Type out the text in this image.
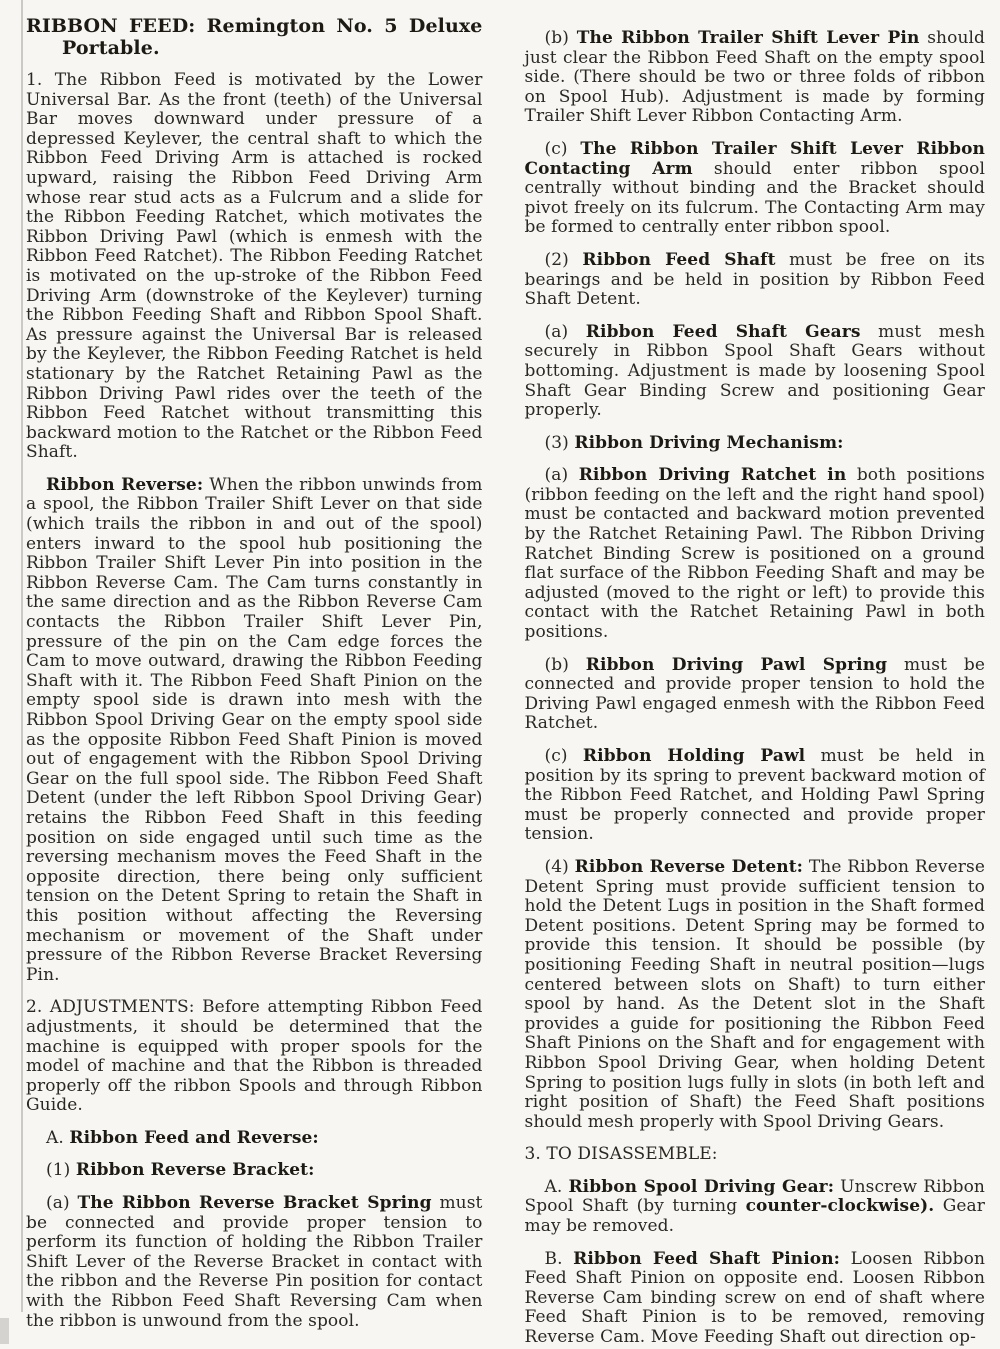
RIBBON FEED: Remington No. 5 Deluxe Portable.

1. The Ribbon Feed is motivated by the Lower Universal Bar. As the front (teeth) of the Universal Bar moves downward under pressure of a depressed Keylever, the central shaft to which the Ribbon Feed Driving Arm is attached is rocked upward, raising the Ribbon Feed Driving Arm whose rear stud acts as a Fulcrum and a slide for the Ribbon Feeding Ratchet, which motivates the Ribbon Driving Pawl (which is enmesh with the Ribbon Feed Ratchet). The Ribbon Feeding Ratchet is motivated on the up-stroke of the Ribbon Feed Driving Arm (downstroke of the Keylever) turning the Ribbon Feeding Shaft and Ribbon Spool Shaft. As pressure against the Universal Bar is released by the Keylever, the Ribbon Feeding Ratchet is held stationary by the Ratchet Retaining Pawl as the Ribbon Driving Pawl rides over the teeth of the Ribbon Feed Ratchet without transmitting this backward motion to the Ratchet or the Ribbon Feed Shaft.

Ribbon Reverse: When the ribbon unwinds from a spool, the Ribbon Trailer Shift Lever on that side (which trails the ribbon in and out of the spool) enters inward to the spool hub positioning the Ribbon Trailer Shift Lever Pin into position in the Ribbon Reverse Cam. The Cam turns constantly in the same direction and as the Ribbon Reverse Cam contacts the Ribbon Trailer Shift Lever Pin, pressure of the pin on the Cam edge forces the Cam to move outward, drawing the Ribbon Feeding Shaft with it. The Ribbon Feed Shaft Pinion on the empty spool side is drawn into mesh with the Ribbon Spool Driving Gear on the empty spool side as the opposite Ribbon Feed Shaft Pinion is moved out of engagement with the Ribbon Spool Driving Gear on the full spool side. The Ribbon Feed Shaft Detent (under the left Ribbon Spool Driving Gear) retains the Ribbon Feed Shaft in this feeding position on side engaged until such time as the reversing mechanism moves the Feed Shaft in the opposite direction, there being only sufficient tension on the Detent Spring to retain the Shaft in this position without affecting the Reversing mechanism or movement of the Shaft under pressure of the Ribbon Reverse Bracket Reversing Pin.

2. ADJUSTMENTS: Before attempting Ribbon Feed adjustments, it should be determined that the machine is equipped with proper spools for the model of machine and that the Ribbon is threaded properly off the ribbon Spools and through Ribbon Guide.

A. Ribbon Feed and Reverse:

(1) Ribbon Reverse Bracket:

(a) The Ribbon Reverse Bracket Spring must be connected and provide proper tension to perform its function of holding the Ribbon Trailer Shift Lever of the Reverse Bracket in contact with the ribbon and the Reverse Pin position for contact with the Ribbon Feed Shaft Reversing Cam when the ribbon is unwound from the spool.

(b) The Ribbon Trailer Shift Lever Pin should just clear the Ribbon Feed Shaft on the empty spool side. (There should be two or three folds of ribbon on Spool Hub). Adjustment is made by forming Trailer Shift Lever Ribbon Contacting Arm.

(c) The Ribbon Trailer Shift Lever Ribbon Contacting Arm should enter ribbon spool centrally without binding and the Bracket should pivot freely on its fulcrum. The Contacting Arm may be formed to centrally enter ribbon spool.

(2) Ribbon Feed Shaft must be free on its bearings and be held in position by Ribbon Feed Shaft Detent.

(a) Ribbon Feed Shaft Gears must mesh securely in Ribbon Spool Shaft Gears without bottoming. Adjustment is made by loosening Spool Shaft Gear Binding Screw and positioning Gear properly.

(3) Ribbon Driving Mechanism:

(a) Ribbon Driving Ratchet in both positions (ribbon feeding on the left and the right hand spool) must be contacted and backward motion prevented by the Ratchet Retaining Pawl. The Ribbon Driving Ratchet Binding Screw is positioned on a ground flat surface of the Ribbon Feeding Shaft and may be adjusted (moved to the right or left) to provide this contact with the Ratchet Retaining Pawl in both positions.

(b) Ribbon Driving Pawl Spring must be connected and provide proper tension to hold the Driving Pawl engaged enmesh with the Ribbon Feed Ratchet.

(c) Ribbon Holding Pawl must be held in position by its spring to prevent backward motion of the Ribbon Feed Ratchet, and Holding Pawl Spring must be properly connected and provide proper tension.

(4) Ribbon Reverse Detent: The Ribbon Reverse Detent Spring must provide sufficient tension to hold the Detent Lugs in position in the Shaft formed Detent positions. Detent Spring may be formed to provide this tension. It should be possible (by positioning Feeding Shaft in neutral position—lugs centered between slots on Shaft) to turn either spool by hand. As the Detent slot in the Shaft provides a guide for positioning the Ribbon Feed Shaft Pinions on the Shaft and for engagement with Ribbon Spool Driving Gear, when holding Detent Spring to position lugs fully in slots (in both left and right position of Shaft) the Feed Shaft positions should mesh properly with Spool Driving Gears.

3. TO DISASSEMBLE:

A. Ribbon Spool Driving Gear: Unscrew Ribbon Spool Shaft (by turning counter-clockwise). Gear may be removed.

B. Ribbon Feed Shaft Pinion: Loosen Ribbon Feed Shaft Pinion on opposite end. Loosen Ribbon Reverse Cam binding screw on end of shaft where Feed Shaft Pinion is to be removed, removing Reverse Cam. Move Feeding Shaft out direction op-
